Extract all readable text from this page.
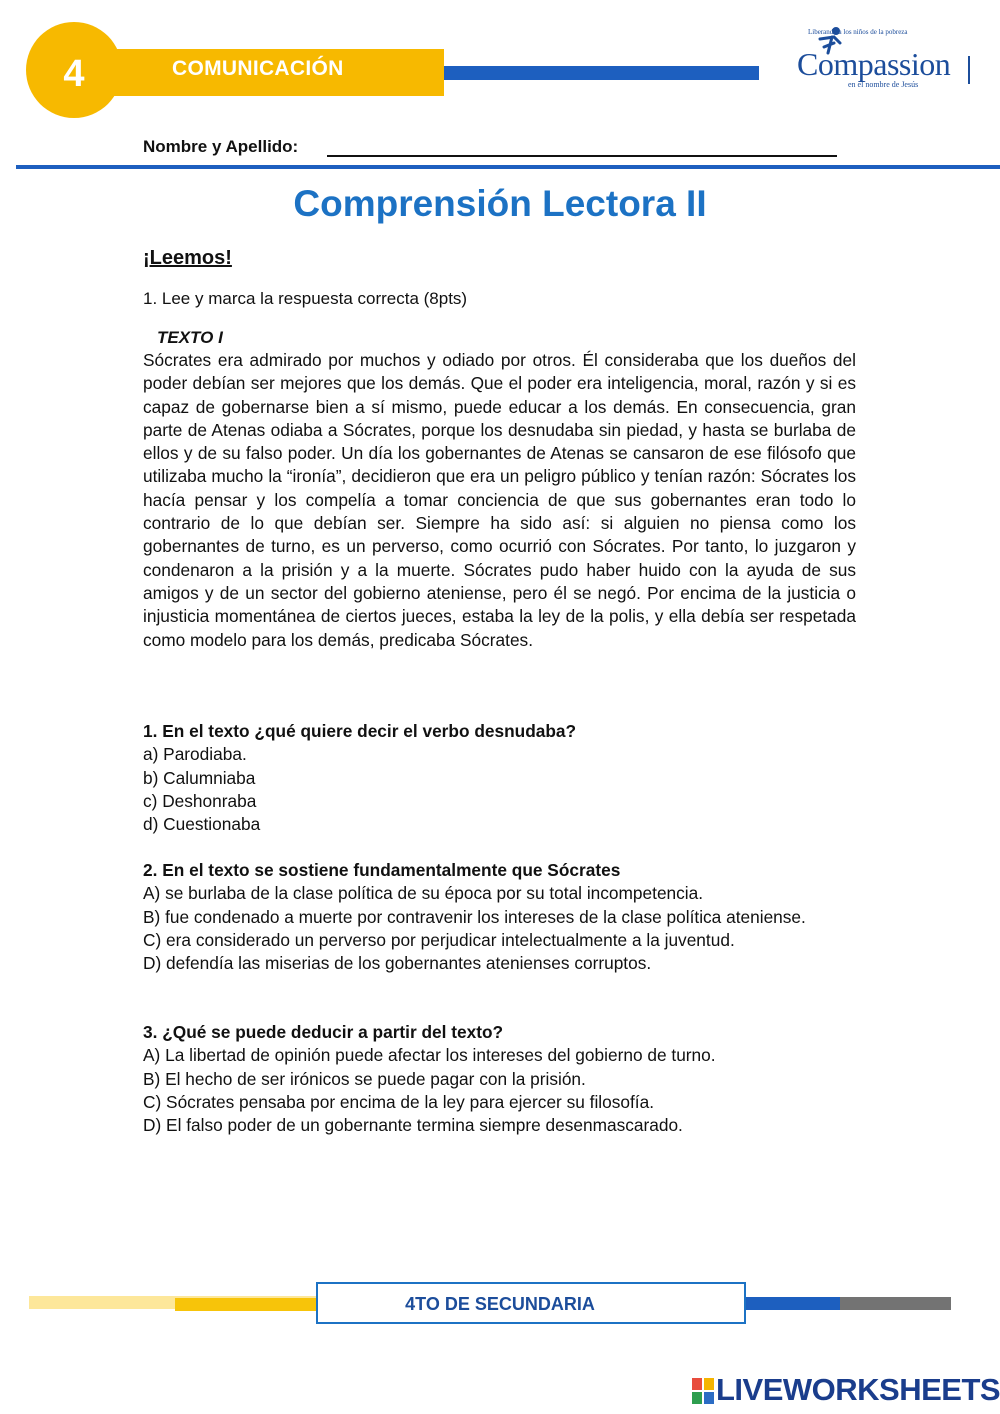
4	COMUNICACIÓN
Liberando a los niños de la pobreza
Compassion
en el nombre de Jesús
Nombre y Apellido:
Comprensión Lectora II
¡Leemos!
1. Lee y marca la respuesta correcta (8pts)
TEXTO I

Sócrates era admirado por muchos y odiado por otros. Él consideraba que los dueños del poder debían ser mejores que los demás. Que el poder era inteligencia, moral, razón y si es capaz de gobernarse bien a sí mismo, puede educar a los demás. En consecuencia, gran parte de Atenas odiaba a Sócrates, porque los desnudaba sin piedad, y hasta se burlaba de ellos y de su falso poder. Un día los gobernantes de Atenas se cansaron de ese filósofo que utilizaba mucho la “ironía”, decidieron que era un peligro público y tenían razón: Sócrates los hacía pensar y los compelía a tomar conciencia de que sus gobernantes eran todo lo contrario de lo que debían ser. Siempre ha sido así: si alguien no piensa como los gobernantes de turno, es un perverso, como ocurrió con Sócrates. Por tanto, lo juzgaron y condenaron a la prisión y a la muerte. Sócrates pudo haber huido con la ayuda de sus amigos y de un sector del gobierno ateniense, pero él se negó. Por encima de la justicia o injusticia momentánea de ciertos jueces, estaba la ley de la polis, y ella debía ser respetada como modelo para los demás, predicaba Sócrates.

1. En el texto ¿qué quiere decir el verbo desnudaba?
a) Parodiaba.
b) Calumniaba
c) Deshonraba
d) Cuestionaba
2. En el texto se sostiene fundamentalmente que Sócrates
A) se burlaba de la clase política de su época por su total incompetencia.
B) fue condenado a muerte por contravenir los intereses de la clase política ateniense.
C) era considerado un perverso por perjudicar intelectualmente a la juventud.
D) defendía las miserias de los gobernantes atenienses corruptos.
3. ¿Qué se puede deducir a partir del texto?
A) La libertad de opinión puede afectar los intereses del gobierno de turno.
B) El hecho de ser irónicos se puede pagar con la prisión.
C) Sócrates pensaba por encima de la ley para ejercer su filosofía.
D) El falso poder de un gobernante termina siempre desenmascarado.
4TO DE SECUNDARIA
LIVEWORKSHEETS
